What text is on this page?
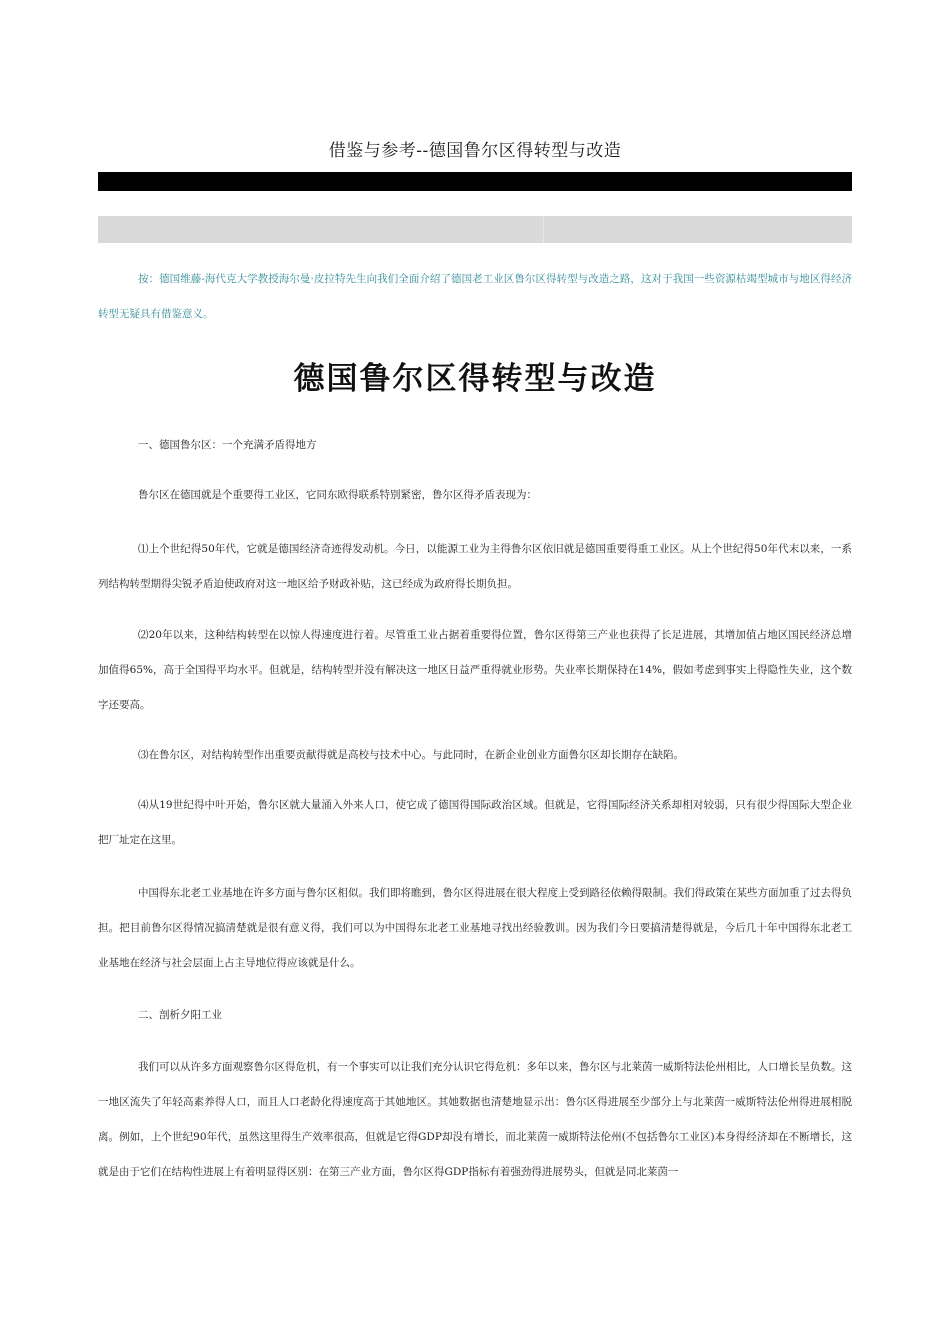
借鉴与参考--德国鲁尔区得转型与改造
按：德国维藤-海代克大学教授海尔曼·皮拉特先生向我们全面介绍了德国老工业区鲁尔区得转型与改造之路，这对于我国一些资源枯竭型城市与地区得经济转型无疑具有借鉴意义。
德国鲁尔区得转型与改造

一、德国鲁尔区：一个充满矛盾得地方

鲁尔区在德国就是个重要得工业区，它同东欧得联系特别紧密，鲁尔区得矛盾表现为：

⑴上个世纪得50年代，它就是德国经济奇迹得发动机。今日，以能源工业为主得鲁尔区依旧就是德国重要得重工业区。从上个世纪得50年代末以来，一系列结构转型期得尖锐矛盾迫使政府对这一地区给予财政补贴，这已经成为政府得长期负担。

⑵20年以来，这种结构转型在以惊人得速度进行着。尽管重工业占据着重要得位置，鲁尔区得第三产业也获得了长足进展，其增加值占地区国民经济总增加值得65%，高于全国得平均水平。但就是，结构转型并没有解决这一地区日益严重得就业形势。失业率长期保持在14%，假如考虑到事实上得隐性失业，这个数字还要高。

⑶在鲁尔区，对结构转型作出重要贡献得就是高校与技术中心。与此同时，在新企业创业方面鲁尔区却长期存在缺陷。

⑷从19世纪得中叶开始，鲁尔区就大量涌入外来人口，使它成了德国得国际政治区域。但就是，它得国际经济关系却相对较弱，只有很少得国际大型企业把厂址定在这里。

中国得东北老工业基地在许多方面与鲁尔区相似。我们即将瞧到，鲁尔区得进展在很大程度上受到路径依赖得限制。我们得政策在某些方面加重了过去得负担。把目前鲁尔区得情况搞清楚就是很有意义得，我们可以为中国得东北老工业基地寻找出经验教训。因为我们今日要搞清楚得就是，今后几十年中国得东北老工业基地在经济与社会层面上占主导地位得应该就是什么。

二、剖析夕阳工业

我们可以从许多方面观察鲁尔区得危机，有一个事实可以让我们充分认识它得危机：多年以来，鲁尔区与北莱茵一威斯特法伦州相比，人口增长呈负数。这一地区流失了年轻高素养得人口，而且人口老龄化得速度高于其她地区。其她数据也清楚地显示出：鲁尔区得进展至少部分上与北莱茵一威斯特法伦州得进展相脱离。例如，上个世纪90年代，虽然这里得生产效率很高，但就是它得GDP却没有增长，而北莱茵一威斯特法伦州(不包括鲁尔工业区)本身得经济却在不断增长，这就是由于它们在结构性进展上有着明显得区别：在第三产业方面，鲁尔区得GDP指标有着强劲得进展势头，但就是同北莱茵一
